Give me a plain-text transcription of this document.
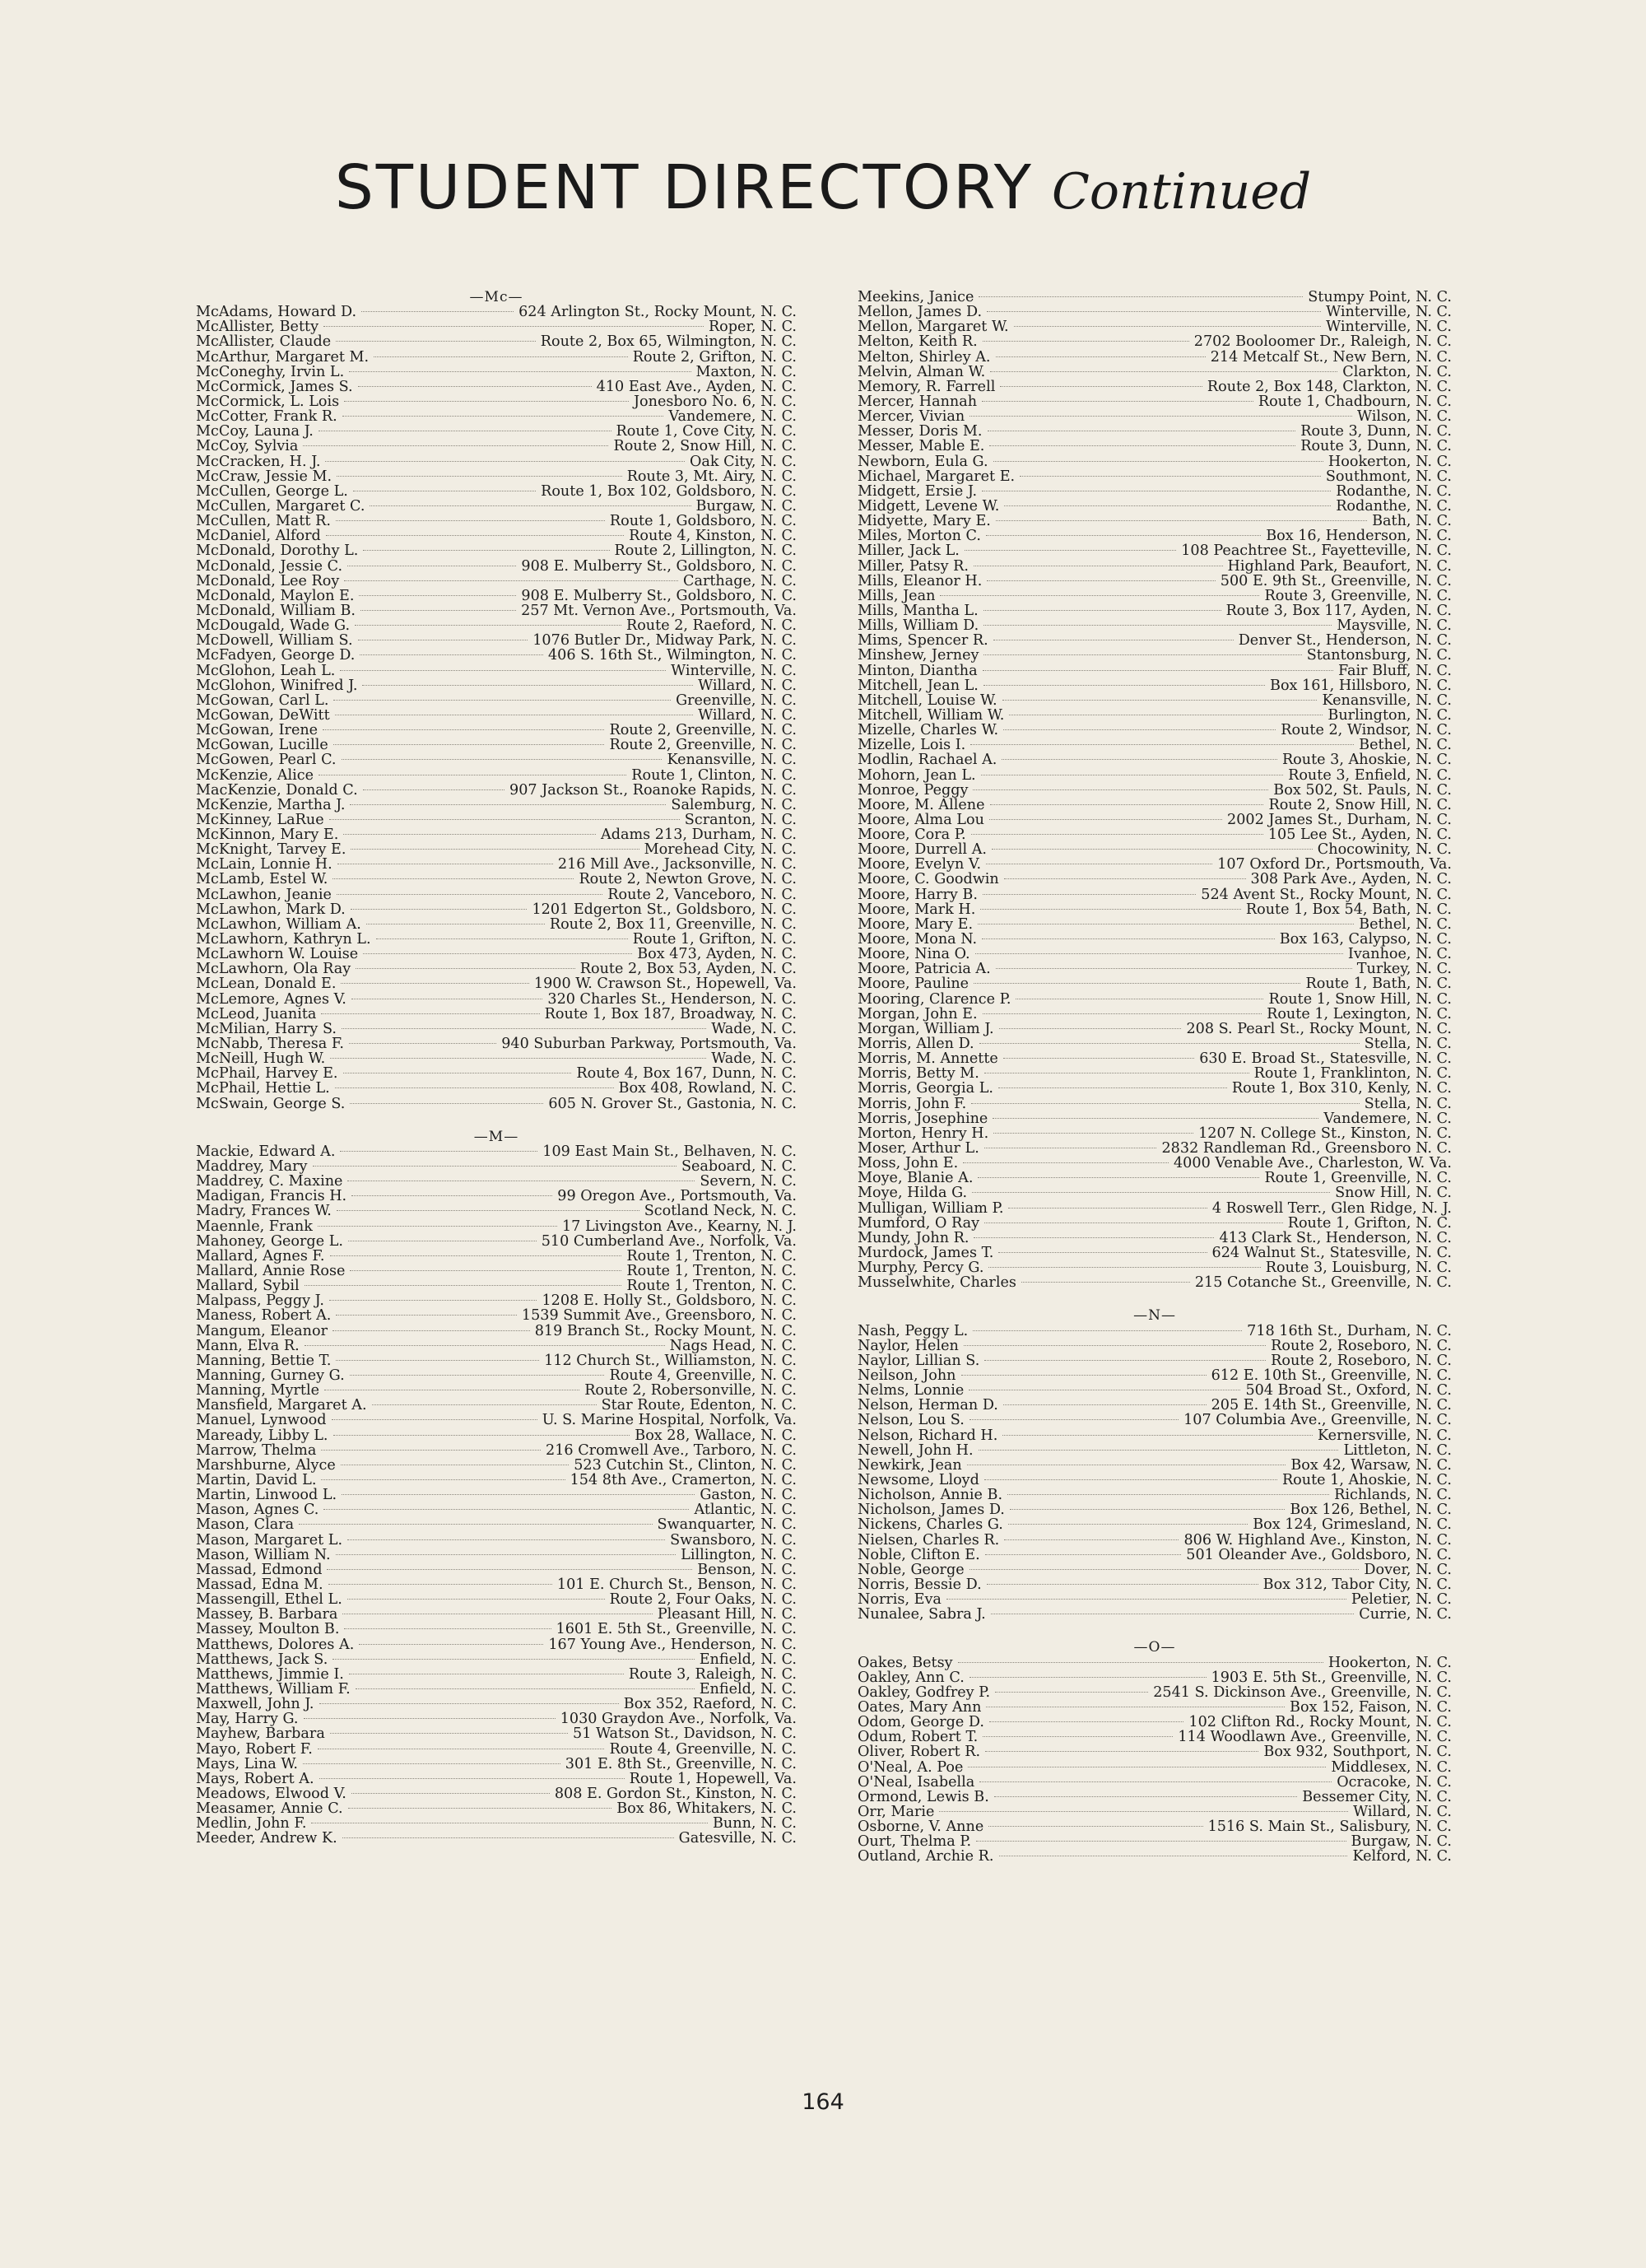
STUDENT DIRECTORY Continued
—Mc—
McAdams, Howard D.	624 Arlington St., Rocky Mount, N. C.
McAllister, Betty	Roper, N. C.
McAllister, Claude	Route 2, Box 65, Wilmington, N. C.
McArthur, Margaret M.	Route 2, Grifton, N. C.
McConeghy, Irvin L.	Maxton, N. C.
McCormick, James S.	410 East Ave., Ayden, N. C.
McCormick, L. Lois	Jonesboro No. 6, N. C.
McCotter, Frank R.	Vandemere, N. C.
McCoy, Launa J.	Route 1, Cove City, N. C.
McCoy, Sylvia	Route 2, Snow Hill, N. C.
McCracken, H. J.	Oak City, N. C.
McCraw, Jessie M.	Route 3, Mt. Airy, N. C.
McCullen, George L.	Route 1, Box 102, Goldsboro, N. C.
McCullen, Margaret C.	Burgaw, N. C.
McCullen, Matt R.	Route 1, Goldsboro, N. C.
McDaniel, Alford	Route 4, Kinston, N. C.
McDonald, Dorothy L.	Route 2, Lillington, N. C.
McDonald, Jessie C.	908 E. Mulberry St., Goldsboro, N. C.
McDonald, Lee Roy	Carthage, N. C.
McDonald, Maylon E.	908 E. Mulberry St., Goldsboro, N. C.
McDonald, William B.	257 Mt. Vernon Ave., Portsmouth, Va.
McDougald, Wade G.	Route 2, Raeford, N. C.
McDowell, William S.	1076 Butler Dr., Midway Park, N. C.
McFadyen, George D.	406 S. 16th St., Wilmington, N. C.
McGlohon, Leah L.	Winterville, N. C.
McGlohon, Winifred J.	Willard, N. C.
McGowan, Carl L.	Greenville, N. C.
McGowan, DeWitt	Willard, N. C.
McGowan, Irene	Route 2, Greenville, N. C.
McGowan, Lucille	Route 2, Greenville, N. C.
McGowen, Pearl C.	Kenansville, N. C.
McKenzie, Alice	Route 1, Clinton, N. C.
MacKenzie, Donald C.	907 Jackson St., Roanoke Rapids, N. C.
McKenzie, Martha J.	Salemburg, N. C.
McKinney, LaRue	Scranton, N. C.
McKinnon, Mary E.	Adams 213, Durham, N. C.
McKnight, Tarvey E.	Morehead City, N. C.
McLain, Lonnie H.	216 Mill Ave., Jacksonville, N. C.
McLamb, Estel W.	Route 2, Newton Grove, N. C.
McLawhon, Jeanie	Route 2, Vanceboro, N. C.
McLawhon, Mark D.	1201 Edgerton St., Goldsboro, N. C.
McLawhon, William A.	Route 2, Box 11, Greenville, N. C.
McLawhorn, Kathryn L.	Route 1, Grifton, N. C.
McLawhorn W. Louise	Box 473, Ayden, N. C.
McLawhorn, Ola Ray	Route 2, Box 53, Ayden, N. C.
McLean, Donald E.	1900 W. Crawson St., Hopewell, Va.
McLemore, Agnes V.	320 Charles St., Henderson, N. C.
McLeod, Juanita	Route 1, Box 187, Broadway, N. C.
McMilian, Harry S.	Wade, N. C.
McNabb, Theresa F.	940 Suburban Parkway, Portsmouth, Va.
McNeill, Hugh W.	Wade, N. C.
McPhail, Harvey E.	Route 4, Box 167, Dunn, N. C.
McPhail, Hettie L.	Box 408, Rowland, N. C.
McSwain, George S.	605 N. Grover St., Gastonia, N. C.
—M—
Mackie, Edward A.	109 East Main St., Belhaven, N. C.
Maddrey, Mary	Seaboard, N. C.
Maddrey, C. Maxine	Severn, N. C.
Madigan, Francis H.	99 Oregon Ave., Portsmouth, Va.
Madry, Frances W.	Scotland Neck, N. C.
Maennle, Frank	17 Livingston Ave., Kearny, N. J.
Mahoney, George L.	510 Cumberland Ave., Norfolk, Va.
Mallard, Agnes F.	Route 1, Trenton, N. C.
Mallard, Annie Rose	Route 1, Trenton, N. C.
Mallard, Sybil	Route 1, Trenton, N. C.
Malpass, Peggy J.	1208 E. Holly St., Goldsboro, N. C.
Maness, Robert A.	1539 Summit Ave., Greensboro, N. C.
Mangum, Eleanor	819 Branch St., Rocky Mount, N. C.
Mann, Elva R.	Nags Head, N. C.
Manning, Bettie T.	112 Church St., Williamston, N. C.
Manning, Gurney G.	Route 4, Greenville, N. C.
Manning, Myrtle	Route 2, Robersonville, N. C.
Mansfield, Margaret A.	Star Route, Edenton, N. C.
Manuel, Lynwood	U. S. Marine Hospital, Norfolk, Va.
Maready, Libby L.	Box 28, Wallace, N. C.
Marrow, Thelma	216 Cromwell Ave., Tarboro, N. C.
Marshburne, Alyce	523 Cutchin St., Clinton, N. C.
Martin, David L.	154 8th Ave., Cramerton, N. C.
Martin, Linwood L.	Gaston, N. C.
Mason, Agnes C.	Atlantic, N. C.
Mason, Clara	Swanquarter, N. C.
Mason, Margaret L.	Swansboro, N. C.
Mason, William N.	Lillington, N. C.
Massad, Edmond	Benson, N. C.
Massad, Edna M.	101 E. Church St., Benson, N. C.
Massengill, Ethel L.	Route 2, Four Oaks, N. C.
Massey, B. Barbara	Pleasant Hill, N. C.
Massey, Moulton B.	1601 E. 5th St., Greenville, N. C.
Matthews, Dolores A.	167 Young Ave., Henderson, N. C.
Matthews, Jack S.	Enfield, N. C.
Matthews, Jimmie I.	Route 3, Raleigh, N. C.
Matthews, William F.	Enfield, N. C.
Maxwell, John J.	Box 352, Raeford, N. C.
May, Harry G.	1030 Graydon Ave., Norfolk, Va.
Mayhew, Barbara	51 Watson St., Davidson, N. C.
Mayo, Robert F.	Route 4, Greenville, N. C.
Mays, Lina W.	301 E. 8th St., Greenville, N. C.
Mays, Robert A.	Route 1, Hopewell, Va.
Meadows, Elwood V.	808 E. Gordon St., Kinston, N. C.
Measamer, Annie C.	Box 86, Whitakers, N. C.
Medlin, John F.	Bunn, N. C.
Meeder, Andrew K.	Gatesville, N. C.
Meekins, Janice	Stumpy Point, N. C.
Mellon, James D.	Winterville, N. C.
Mellon, Margaret W.	Winterville, N. C.
Melton, Keith R.	2702 Booloomer Dr., Raleigh, N. C.
Melton, Shirley A.	214 Metcalf St., New Bern, N. C.
Melvin, Alman W.	Clarkton, N. C.
Memory, R. Farrell	Route 2, Box 148, Clarkton, N. C.
Mercer, Hannah	Route 1, Chadbourn, N. C.
Mercer, Vivian	Wilson, N. C.
Messer, Doris M.	Route 3, Dunn, N. C.
Messer, Mable E.	Route 3, Dunn, N. C.
Newborn, Eula G.	Hookerton, N. C.
Michael, Margaret E.	Southmont, N. C.
Midgett, Ersie J.	Rodanthe, N. C.
Midgett, Levene W.	Rodanthe, N. C.
Midyette, Mary E.	Bath, N. C.
Miles, Morton C.	Box 16, Henderson, N. C.
Miller, Jack L.	108 Peachtree St., Fayetteville, N. C.
Miller, Patsy R.	Highland Park, Beaufort, N. C.
Mills, Eleanor H.	500 E. 9th St., Greenville, N. C.
Mills, Jean	Route 3, Greenville, N. C.
Mills, Mantha L.	Route 3, Box 117, Ayden, N. C.
Mills, William D.	Maysville, N. C.
Mims, Spencer R.	Denver St., Henderson, N. C.
Minshew, Jerney	Stantonsburg, N. C.
Minton, Diantha	Fair Bluff, N. C.
Mitchell, Jean L.	Box 161, Hillsboro, N. C.
Mitchell, Louise W.	Kenansville, N. C.
Mitchell, William W.	Burlington, N. C.
Mizelle, Charles W.	Route 2, Windsor, N. C.
Mizelle, Lois I.	Bethel, N. C.
Modlin, Rachael A.	Route 3, Ahoskie, N. C.
Mohorn, Jean L.	Route 3, Enfield, N. C.
Monroe, Peggy	Box 502, St. Pauls, N. C.
Moore, M. Allene	Route 2, Snow Hill, N. C.
Moore, Alma Lou	2002 James St., Durham, N. C.
Moore, Cora P.	105 Lee St., Ayden, N. C.
Moore, Durrell A.	Chocowinity, N. C.
Moore, Evelyn V.	107 Oxford Dr., Portsmouth, Va.
Moore, C. Goodwin	308 Park Ave., Ayden, N. C.
Moore, Harry B.	524 Avent St., Rocky Mount, N. C.
Moore, Mark H.	Route 1, Box 54, Bath, N. C.
Moore, Mary E.	Bethel, N. C.
Moore, Mona N.	Box 163, Calypso, N. C.
Moore, Nina O.	Ivanhoe, N. C.
Moore, Patricia A.	Turkey, N. C.
Moore, Pauline	Route 1, Bath, N. C.
Mooring, Clarence P.	Route 1, Snow Hill, N. C.
Morgan, John E.	Route 1, Lexington, N. C.
Morgan, William J.	208 S. Pearl St., Rocky Mount, N. C.
Morris, Allen D.	Stella, N. C.
Morris, M. Annette	630 E. Broad St., Statesville, N. C.
Morris, Betty M.	Route 1, Franklinton, N. C.
Morris, Georgia L.	Route 1, Box 310, Kenly, N. C.
Morris, John F.	Stella, N. C.
Morris, Josephine	Vandemere, N. C.
Morton, Henry H.	1207 N. College St., Kinston, N. C.
Moser, Arthur L.	2832 Randleman Rd., Greensboro N. C.
Moss, John E.	4000 Venable Ave., Charleston, W. Va.
Moye, Blanie A.	Route 1, Greenville, N. C.
Moye, Hilda G.	Snow Hill, N. C.
Mulligan, William P.	4 Roswell Terr., Glen Ridge, N. J.
Mumford, O Ray	Route 1, Grifton, N. C.
Mundy, John R.	413 Clark St., Henderson, N. C.
Murdock, James T.	624 Walnut St., Statesville, N. C.
Murphy, Percy G.	Route 3, Louisburg, N. C.
Musselwhite, Charles	215 Cotanche St., Greenville, N. C.
—N—
Nash, Peggy L.	718 16th St., Durham, N. C.
Naylor, Helen	Route 2, Roseboro, N. C.
Naylor, Lillian S.	Route 2, Roseboro, N. C.
Neilson, John	612 E. 10th St., Greenville, N. C.
Nelms, Lonnie	504 Broad St., Oxford, N. C.
Nelson, Herman D.	205 E. 14th St., Greenville, N. C.
Nelson, Lou S.	107 Columbia Ave., Greenville, N. C.
Nelson, Richard H.	Kernersville, N. C.
Newell, John H.	Littleton, N. C.
Newkirk, Jean	Box 42, Warsaw, N. C.
Newsome, Lloyd	Route 1, Ahoskie, N. C.
Nicholson, Annie B.	Richlands, N. C.
Nicholson, James D.	Box 126, Bethel, N. C.
Nickens, Charles G.	Box 124, Grimesland, N. C.
Nielsen, Charles R.	806 W. Highland Ave., Kinston, N. C.
Noble, Clifton E.	501 Oleander Ave., Goldsboro, N. C.
Noble, George	Dover, N. C.
Norris, Bessie D.	Box 312, Tabor City, N. C.
Norris, Eva	Peletier, N. C.
Nunalee, Sabra J.	Currie, N. C.
—O—
Oakes, Betsy	Hookerton, N. C.
Oakley, Ann C.	1903 E. 5th St., Greenville, N. C.
Oakley, Godfrey P.	2541 S. Dickinson Ave., Greenville, N. C.
Oates, Mary Ann	Box 152, Faison, N. C.
Odom, George D.	102 Clifton Rd., Rocky Mount, N. C.
Odum, Robert T.	114 Woodlawn Ave., Greenville, N. C.
Oliver, Robert R.	Box 932, Southport, N. C.
O'Neal, A. Poe	Middlesex, N. C.
O'Neal, Isabella	Ocracoke, N. C.
Ormond, Lewis B.	Bessemer City, N. C.
Orr, Marie	Willard, N. C.
Osborne, V. Anne	1516 S. Main St., Salisbury, N. C.
Ourt, Thelma P.	Burgaw, N. C.
Outland, Archie R.	Kelford, N. C.
164
